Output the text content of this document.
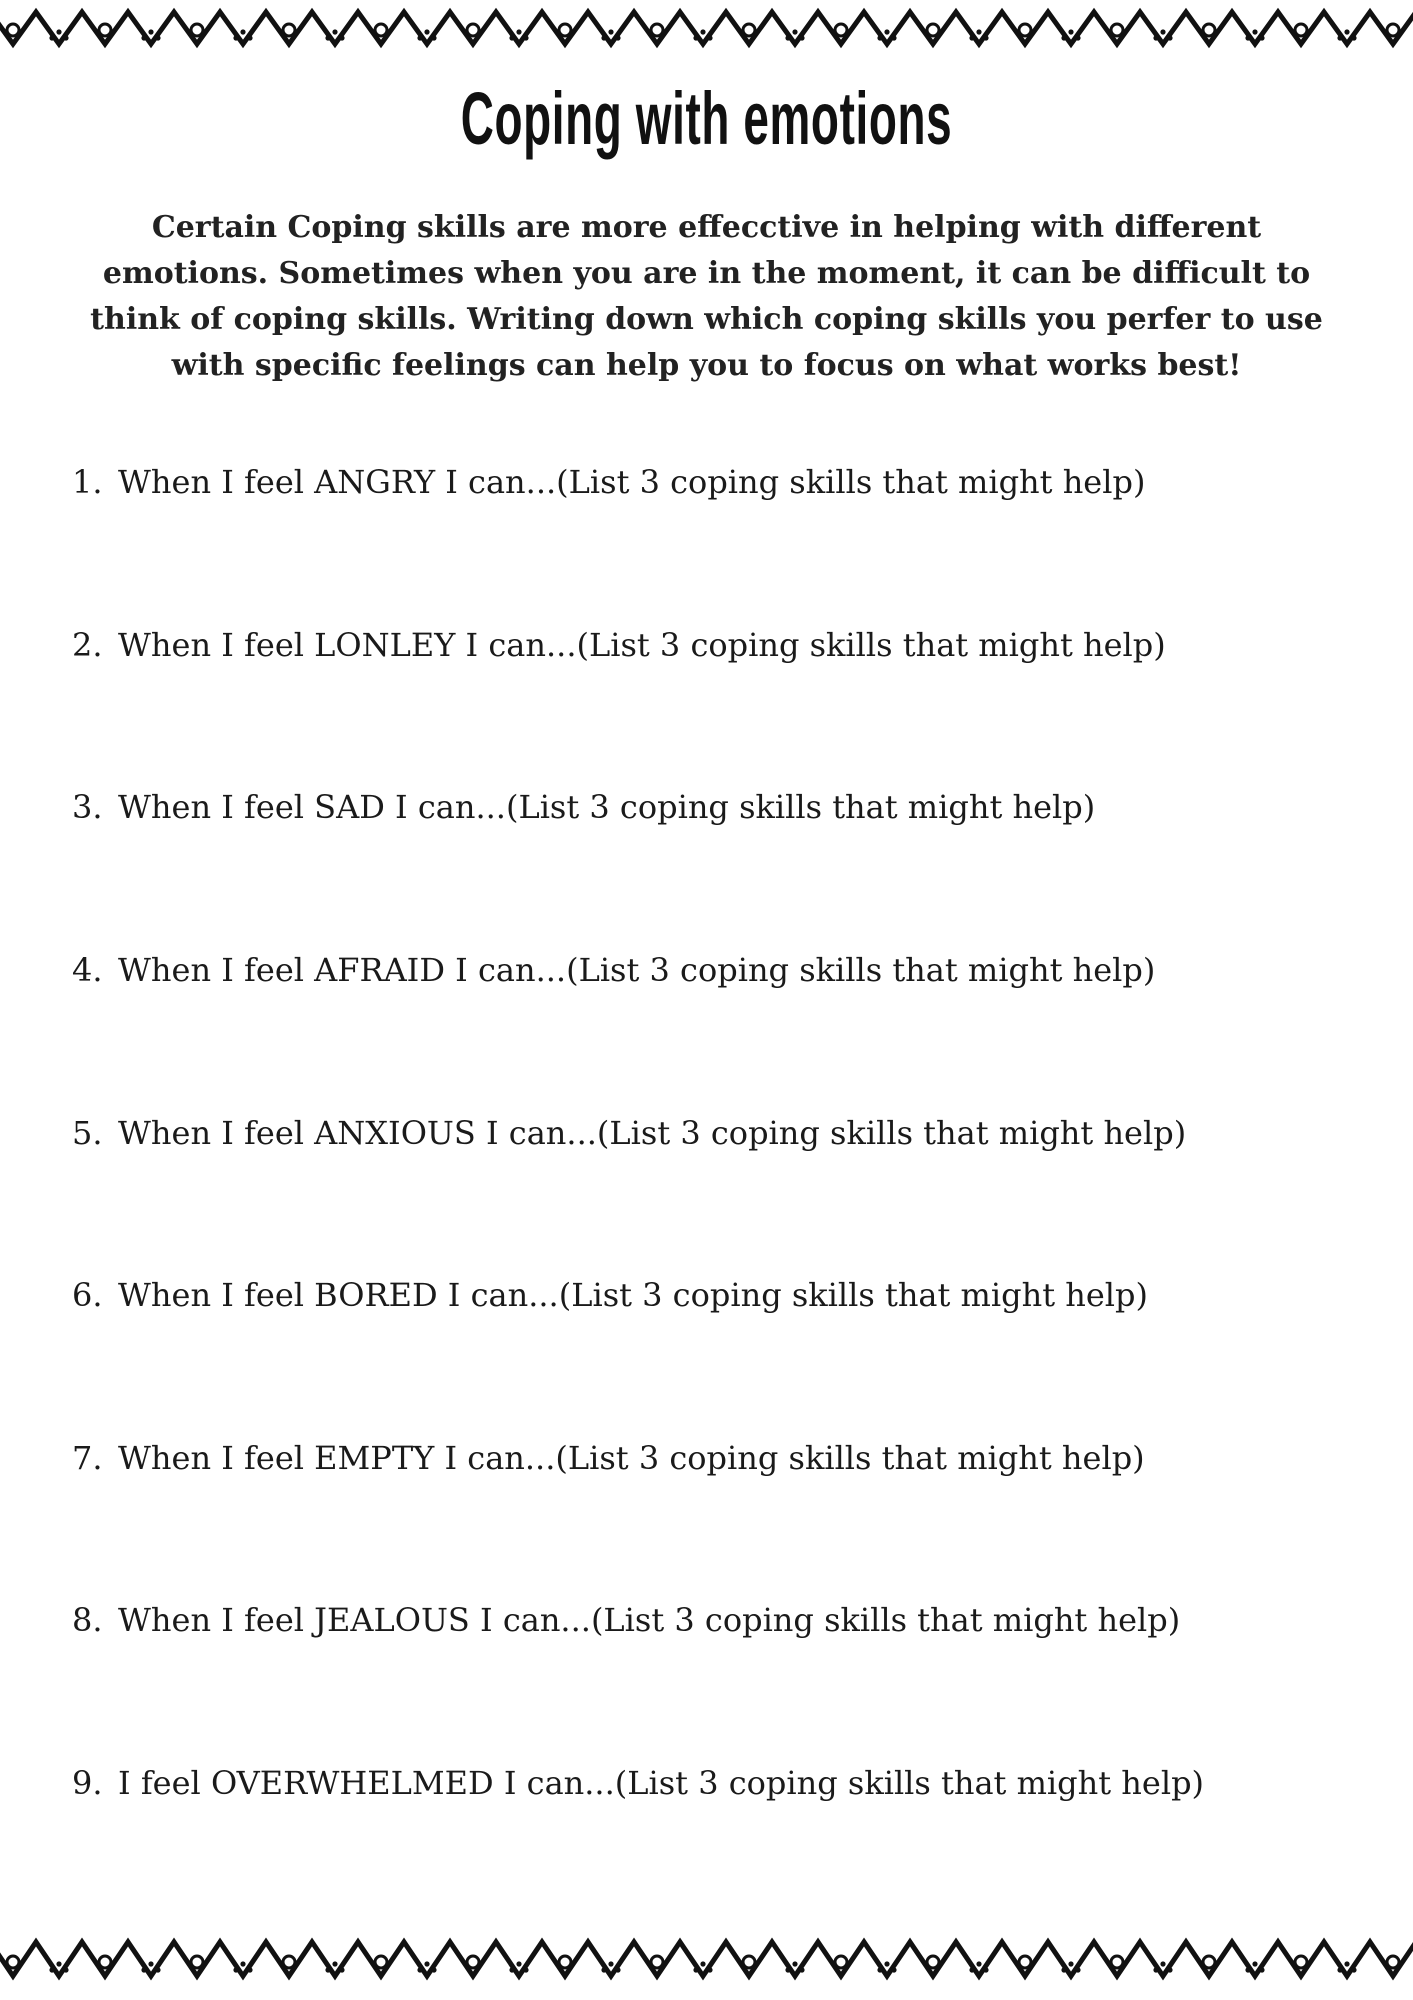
Coping with emotions

Certain Coping skills are more effecctive in helping with different emotions. Sometimes when you are in the moment, it can be difficult to think of coping skills. Writing down which coping skills you perfer to use with specific feelings can help you to focus on what works best!

1. When I feel ANGRY I can...(List 3 coping skills that might help)
2. When I feel LONLEY I can...(List 3 coping skills that might help)
3. When I feel SAD I can...(List 3 coping skills that might help)
4. When I feel AFRAID I can...(List 3 coping skills that might help)
5. When I feel ANXIOUS I can...(List 3 coping skills that might help)
6. When I feel BORED I can...(List 3 coping skills that might help)
7. When I feel EMPTY I can...(List 3 coping skills that might help)
8. When I feel JEALOUS I can...(List 3 coping skills that might help)
9. I feel OVERWHELMED I can...(List 3 coping skills that might help)
